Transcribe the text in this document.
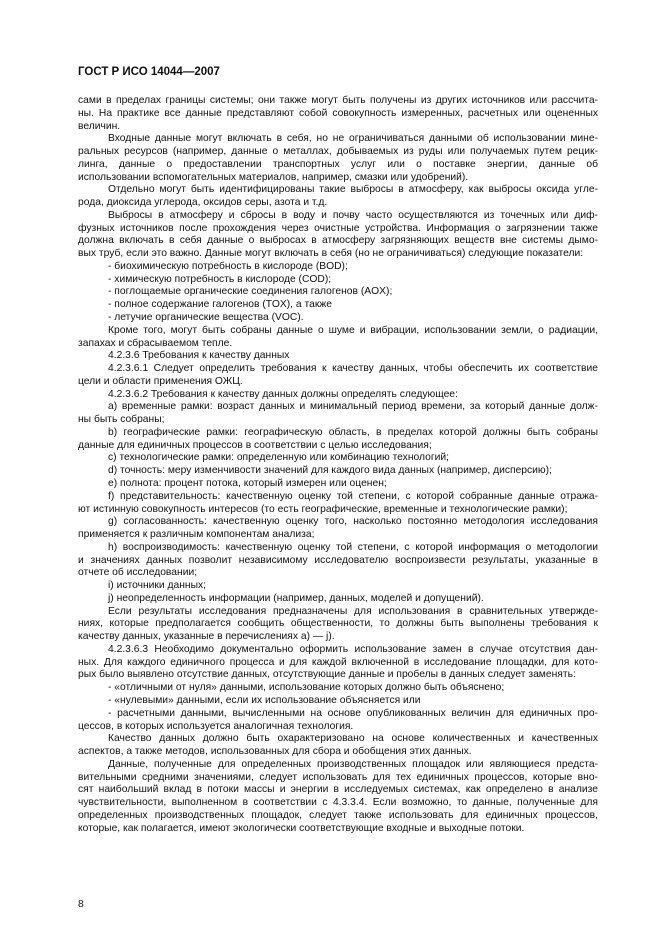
ГОСТ Р ИСО 14044—2007
сами в пределах границы системы; они также могут быть получены из других источников или рассчита-
ны. На практике все данные представляют собой совокупность измеренных, расчетных или оцененных
величин.
Входные данные могут включать в себя, но не ограничиваться данными об использовании мине-
ральных ресурсов (например, данные о металлах, добываемых из руды или получаемых путем рецик-
линга, данные о предоставлении транспортных услуг или о поставке энергии, данные об
использовании вспомогательных материалов, например, смазки или удобрений).
Отдельно могут быть идентифицированы такие выбросы в атмосферу, как выбросы оксида угле-
рода, диоксида углерода, оксидов серы, азота и т.д.
Выбросы в атмосферу и сбросы в воду и почву часто осуществляются из точечных или диф-
фузных источников после прохождения через очистные устройства. Информация о загрязнении также
должна включать в себя данные о выбросах в атмосферу загрязняющих веществ вне системы дымо-
вых труб, если это важно. Данные могут включать в себя (но не ограничиваться) следующие показатели:
- биохимическую потребность в кислороде (BOD);
- химическую потребность в кислороде (COD);
- поглощаемые органические соединения галогенов (AOX);
- полное содержание галогенов (TOX), а также
- летучие органические вещества (VOC).
Кроме того, могут быть собраны данные о шуме и вибрации, использовании земли, о радиации,
запахах и сбрасываемом тепле.
4.2.3.6 Требования к качеству данных
4.2.3.6.1 Следует определить требования к качеству данных, чтобы обеспечить их соответствие
цели и области применения ОЖЦ.
4.2.3.6.2 Требования к качеству данных должны определять следующее:
a) временные рамки: возраст данных и минимальный период времени, за который данные долж-
ны быть собраны;
b) географические рамки: географическую область, в пределах которой должны быть собраны
данные для единичных процессов в соответствии с целью исследования;
c) технологические рамки: определенную или комбинацию технологий;
d) точность: меру изменчивости значений для каждого вида данных (например, дисперсию);
e) полнота: процент потока, который измерен или оценен;
f) представительность: качественную оценку той степени, с которой собранные данные отража-
ют истинную совокупность интересов (то есть географические, временные и технологические рамки);
g) согласованность: качественную оценку того, насколько постоянно методология исследования
применяется к различным компонентам анализа;
h) воспроизводимость: качественную оценку той степени, с которой информация о методологии
и значениях данных позволит независимому исследователю воспроизвести результаты, указанные в
отчете об исследовании;
i) источники данных;
j) неопределенность информации (например, данных, моделей и допущений).
Если результаты исследования предназначены для использования в сравнительных утвержде-
ниях, которые предполагается сообщить общественности, то должны быть выполнены требования к
качеству данных, указанные в перечислениях a) — j).
4.2.3.6.3 Необходимо документально оформить использование замен в случае отсутствия дан-
ных. Для каждого единичного процесса и для каждой включенной в исследование площадки, для кото-
рых было выявлено отсутствие данных, отсутствующие данные и пробелы в данных следует заменять:
- «отличными от нуля» данными, использование которых должно быть объяснено;
- «нулевыми» данными, если их использование объясняется или
- расчетными данными, вычисленными на основе опубликованных величин для единичных про-
цессов, в которых используется аналогичная технология.
Качество данных должно быть охарактеризовано на основе количественных и качественных
аспектов, а также методов, использованных для сбора и обобщения этих данных.
Данные, полученные для определенных производственных площадок или являющиеся предста-
вительными средними значениями, следует использовать для тех единичных процессов, которые вно-
сят наибольший вклад в потоки массы и энергии в исследуемых системах, как определено в анализе
чувствительности, выполненном в соответствии с 4.3.3.4. Если возможно, то данные, полученные для
определенных производственных площадок, следует также использовать для единичных процессов,
которые, как полагается, имеют экологически соответствующие входные и выходные потоки.
8
